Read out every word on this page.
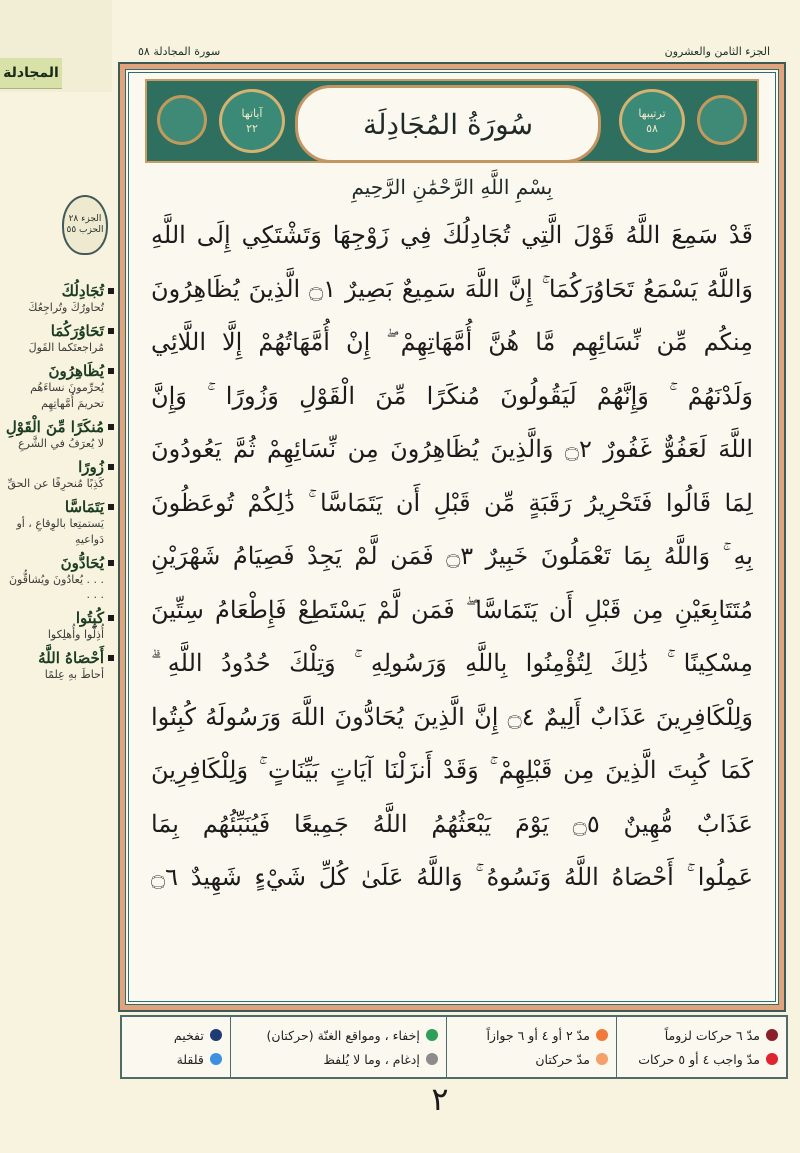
المجادلة
الجزء الثامن والعشرون
سورة المجادلة ٥٨
الجزء ٢٨
الحزب ٥٥
تُجَادِلُكَ
تُحاورُكَ وتُراجِعُكَ
تَحَاوُرَكُمَا
مُراجعتَكما القَولَ
يُظَاهِرُونَ
يُحرِّمونَ نساءَهُم تحريمَ أُمَّهاتِهِم
مُنكَرًا مِّنَ الْقَوْلِ
لا يُعرَفُ في الشَّرعِ
زُورًا
كَذِبًا مُنحرِفًا عن الحقِّ
يَتَمَاسَّا
يَستمتِعا بالوِقاعِ ، أو دَواعيهِ
يُحَادُّونَ
. . . يُعادُونَ ويُشاقُّونَ . . .
كُبِتُوا
أُذِلُّوا وأُهلِكوا
أَحْصَاهُ اللَّهُ
أحاطَ بهِ عِلمًا
ترتيبها
٥٨
سُورَةُ المُجَادِلَة
آياتها
٢٢
بِسْمِ اللَّهِ الرَّحْمَٰنِ الرَّحِيمِ
قَدْ سَمِعَ اللَّهُ قَوْلَ الَّتِي تُجَادِلُكَ فِي زَوْجِهَا وَتَشْتَكِي إِلَى اللَّهِ
وَاللَّهُ يَسْمَعُ تَحَاوُرَكُمَا ۚ إِنَّ اللَّهَ سَمِيعٌ بَصِيرٌ ۝١ الَّذِينَ يُظَاهِرُونَ
مِنكُم مِّن نِّسَائِهِم مَّا هُنَّ أُمَّهَاتِهِمْ ۖ إِنْ أُمَّهَاتُهُمْ إِلَّا اللَّائِي
وَلَدْنَهُمْ ۚ وَإِنَّهُمْ لَيَقُولُونَ مُنكَرًا مِّنَ الْقَوْلِ وَزُورًا ۚ وَإِنَّ
اللَّهَ لَعَفُوٌّ غَفُورٌ ۝٢ وَالَّذِينَ يُظَاهِرُونَ مِن نِّسَائِهِمْ ثُمَّ يَعُودُونَ
لِمَا قَالُوا فَتَحْرِيرُ رَقَبَةٍ مِّن قَبْلِ أَن يَتَمَاسَّا ۚ ذَٰلِكُمْ تُوعَظُونَ
بِهِ ۚ وَاللَّهُ بِمَا تَعْمَلُونَ خَبِيرٌ ۝٣ فَمَن لَّمْ يَجِدْ فَصِيَامُ شَهْرَيْنِ
مُتَتَابِعَيْنِ مِن قَبْلِ أَن يَتَمَاسَّا ۖ فَمَن لَّمْ يَسْتَطِعْ فَإِطْعَامُ سِتِّينَ
مِسْكِينًا ۚ ذَٰلِكَ لِتُؤْمِنُوا بِاللَّهِ وَرَسُولِهِ ۚ وَتِلْكَ حُدُودُ اللَّهِ ۗ
وَلِلْكَافِرِينَ عَذَابٌ أَلِيمٌ ۝٤ إِنَّ الَّذِينَ يُحَادُّونَ اللَّهَ وَرَسُولَهُ كُبِتُوا
كَمَا كُبِتَ الَّذِينَ مِن قَبْلِهِمْ ۚ وَقَدْ أَنزَلْنَا آيَاتٍ بَيِّنَاتٍ ۚ وَلِلْكَافِرِينَ
عَذَابٌ مُّهِينٌ ۝٥ يَوْمَ يَبْعَثُهُمُ اللَّهُ جَمِيعًا فَيُنَبِّئُهُم بِمَا
عَمِلُوا ۚ أَحْصَاهُ اللَّهُ وَنَسُوهُ ۚ وَاللَّهُ عَلَىٰ كُلِّ شَيْءٍ شَهِيدٌ ۝٦
مدّ ٦ حركات لزوماً
مدّ واجب ٤ أو ٥ حركات
مدّ ٢ أو ٤ أو ٦ جوازاً
مدّ حركتان
إخفاء ، ومواقع الغنّة (حركتان)
إدغام ، وما لا يُلفظ
تفخيم
قلقلة
٢
